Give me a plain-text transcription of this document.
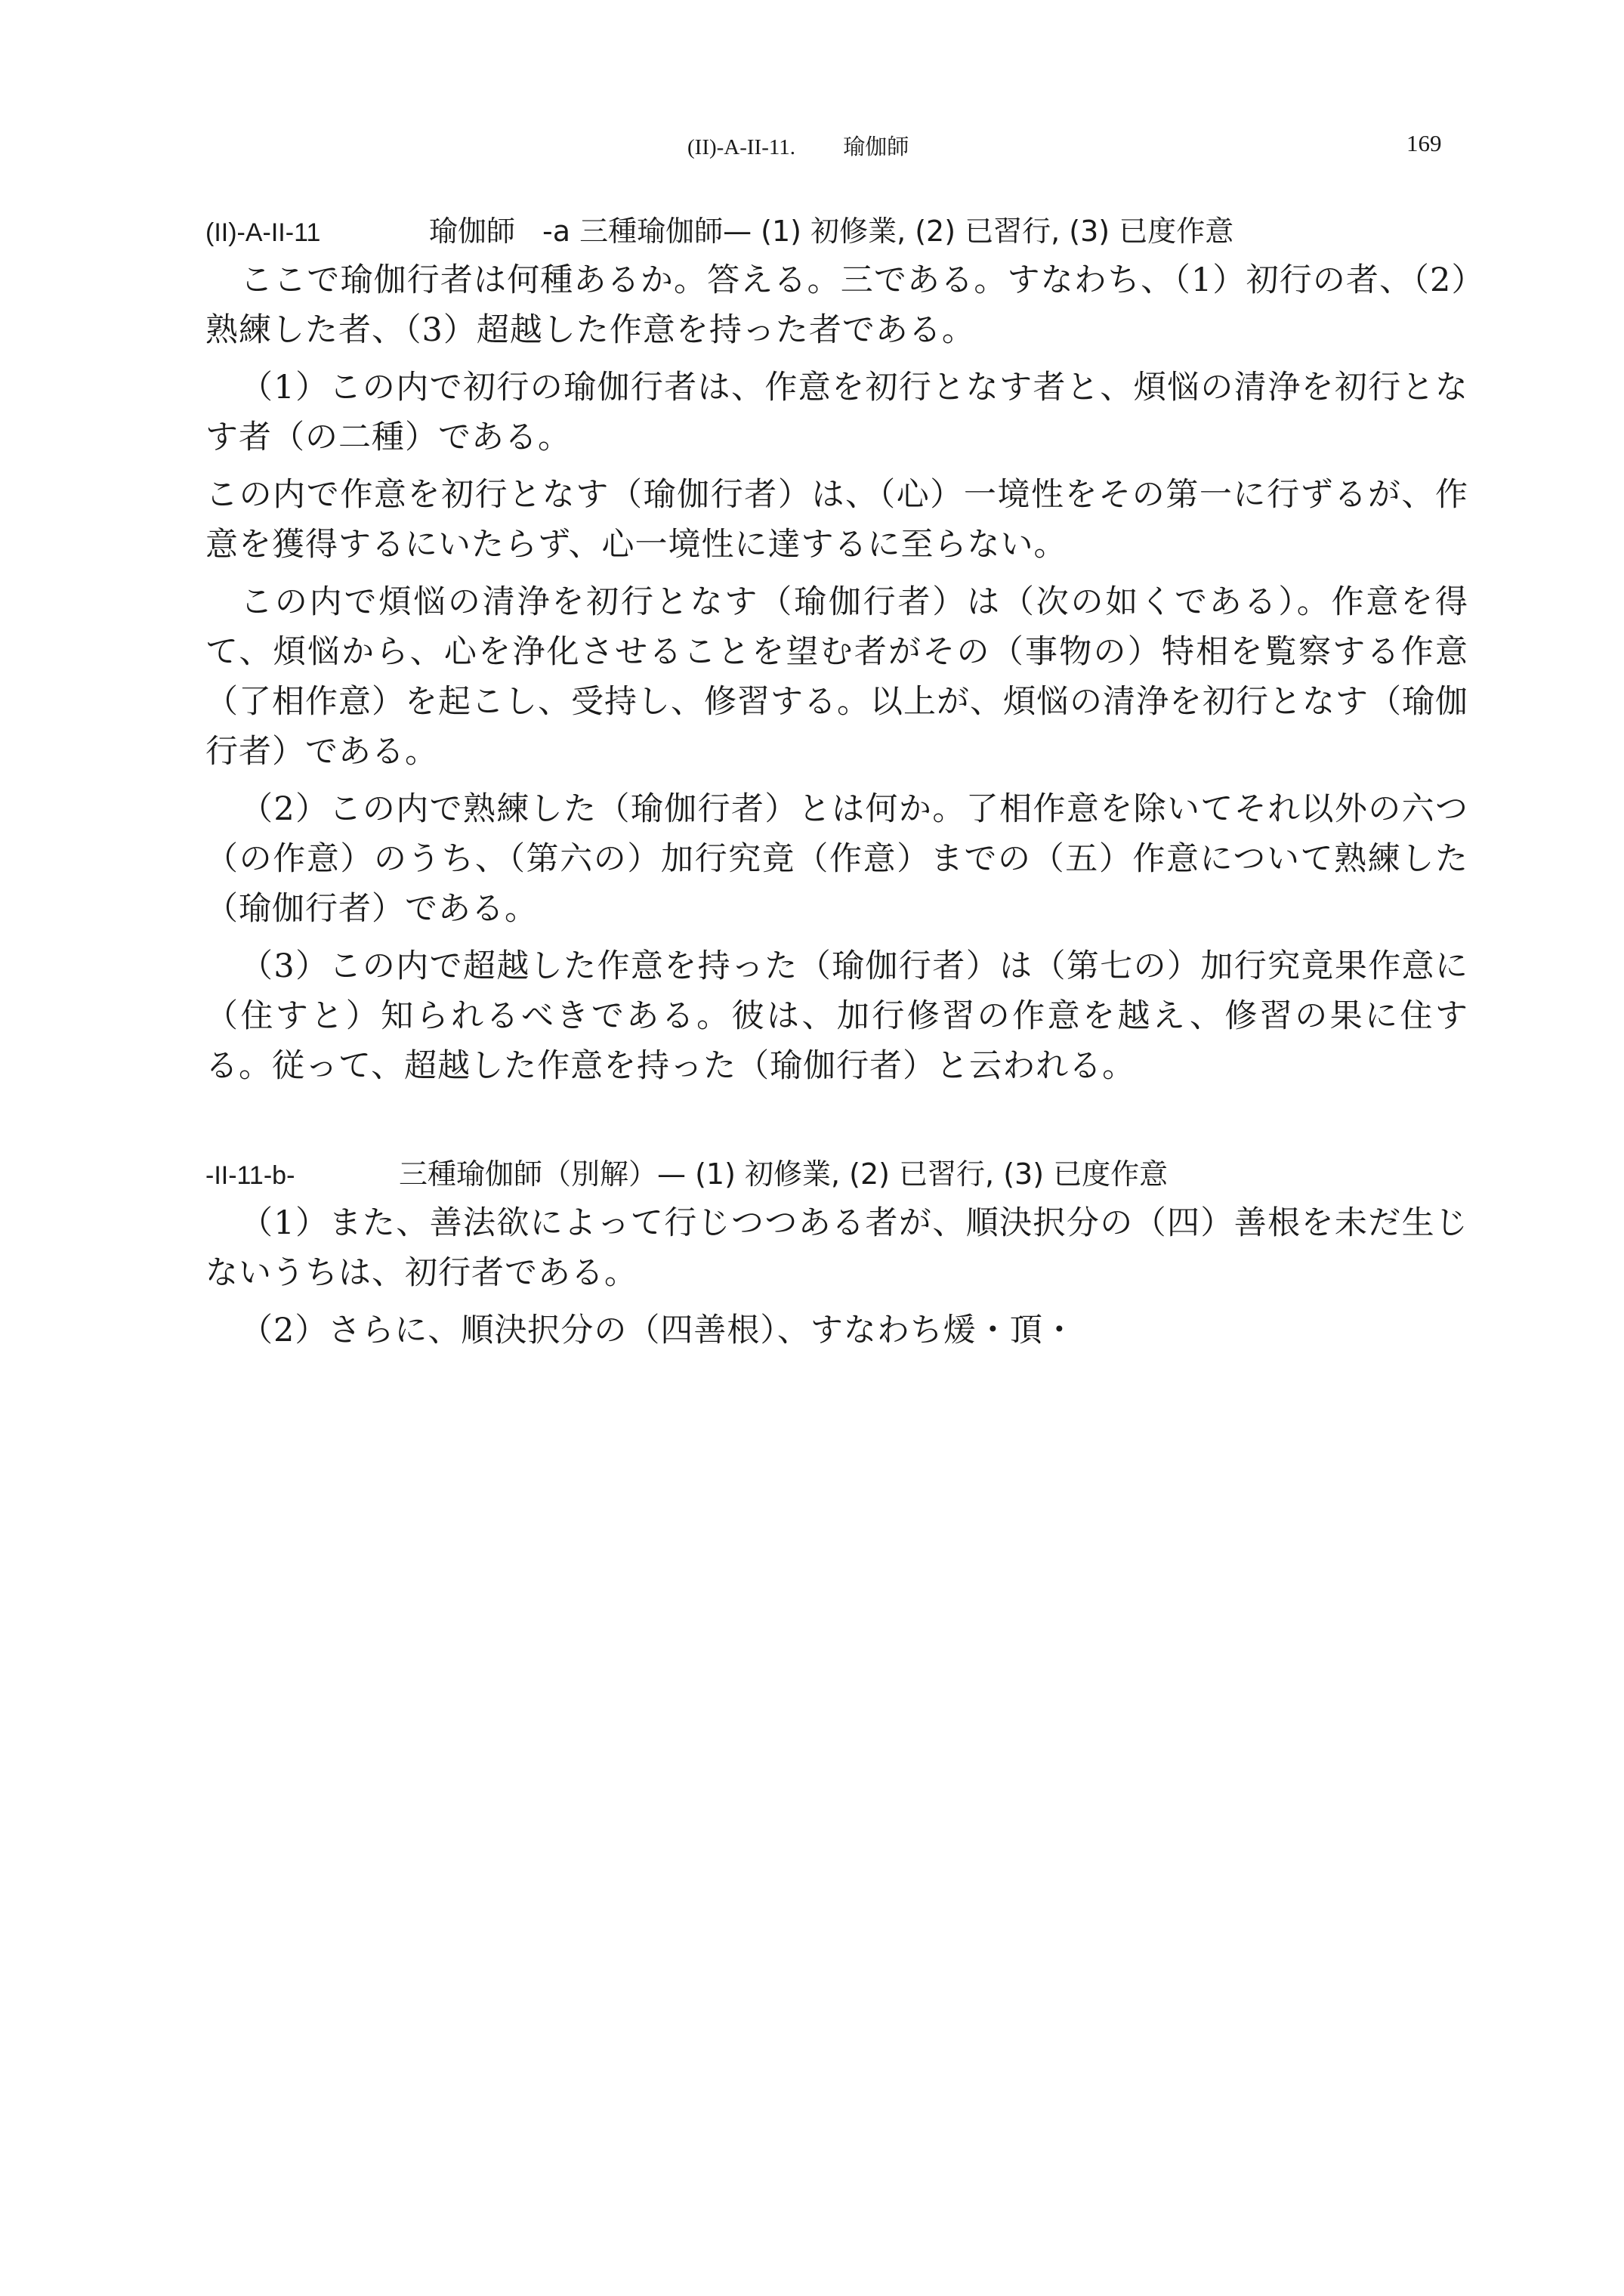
(II)-A-II-11. 瑜伽師	169
(II)-A-II-11	瑜伽師 -a 三種瑜伽師— (1) 初修業, (2) 已習行, (3) 已度作意

ここで瑜伽行者は何種あるか。答える。三である。すなわち、（1）初行の者、（2）熟練した者、（3）超越した作意を持った者である。

（1）この内で初行の瑜伽行者は、作意を初行となす者と、煩悩の清浄を初行となす者（の二種）である。

この内で作意を初行となす（瑜伽行者）は、（心）一境性をその第一に行ずるが、作意を獲得するにいたらず、心一境性に達するに至らない。

この内で煩悩の清浄を初行となす（瑜伽行者）は（次の如くである）。作意を得て、煩悩から、心を浄化させることを望む者がその（事物の）特相を覧察する作意（了相作意）を起こし、受持し、修習する。以上が、煩悩の清浄を初行となす（瑜伽行者）である。

（2）この内で熟練した（瑜伽行者）とは何か。了相作意を除いてそれ以外の六つ（の作意）のうち、（第六の）加行究竟（作意）までの（五）作意について熟練した（瑜伽行者）である。

（3）この内で超越した作意を持った（瑜伽行者）は（第七の）加行究竟果作意に（住すと）知られるべきである。彼は、加行修習の作意を越え、修習の果に住する。従って、超越した作意を持った（瑜伽行者）と云われる。

-II-11-b-	三種瑜伽師（別解）— (1) 初修業, (2) 已習行, (3) 已度作意

（1）また、善法欲によって行じつつある者が、順決択分の（四）善根を未だ生じないうちは、初行者である。

（2）さらに、順決択分の（四善根）、すなわち煖・頂・
